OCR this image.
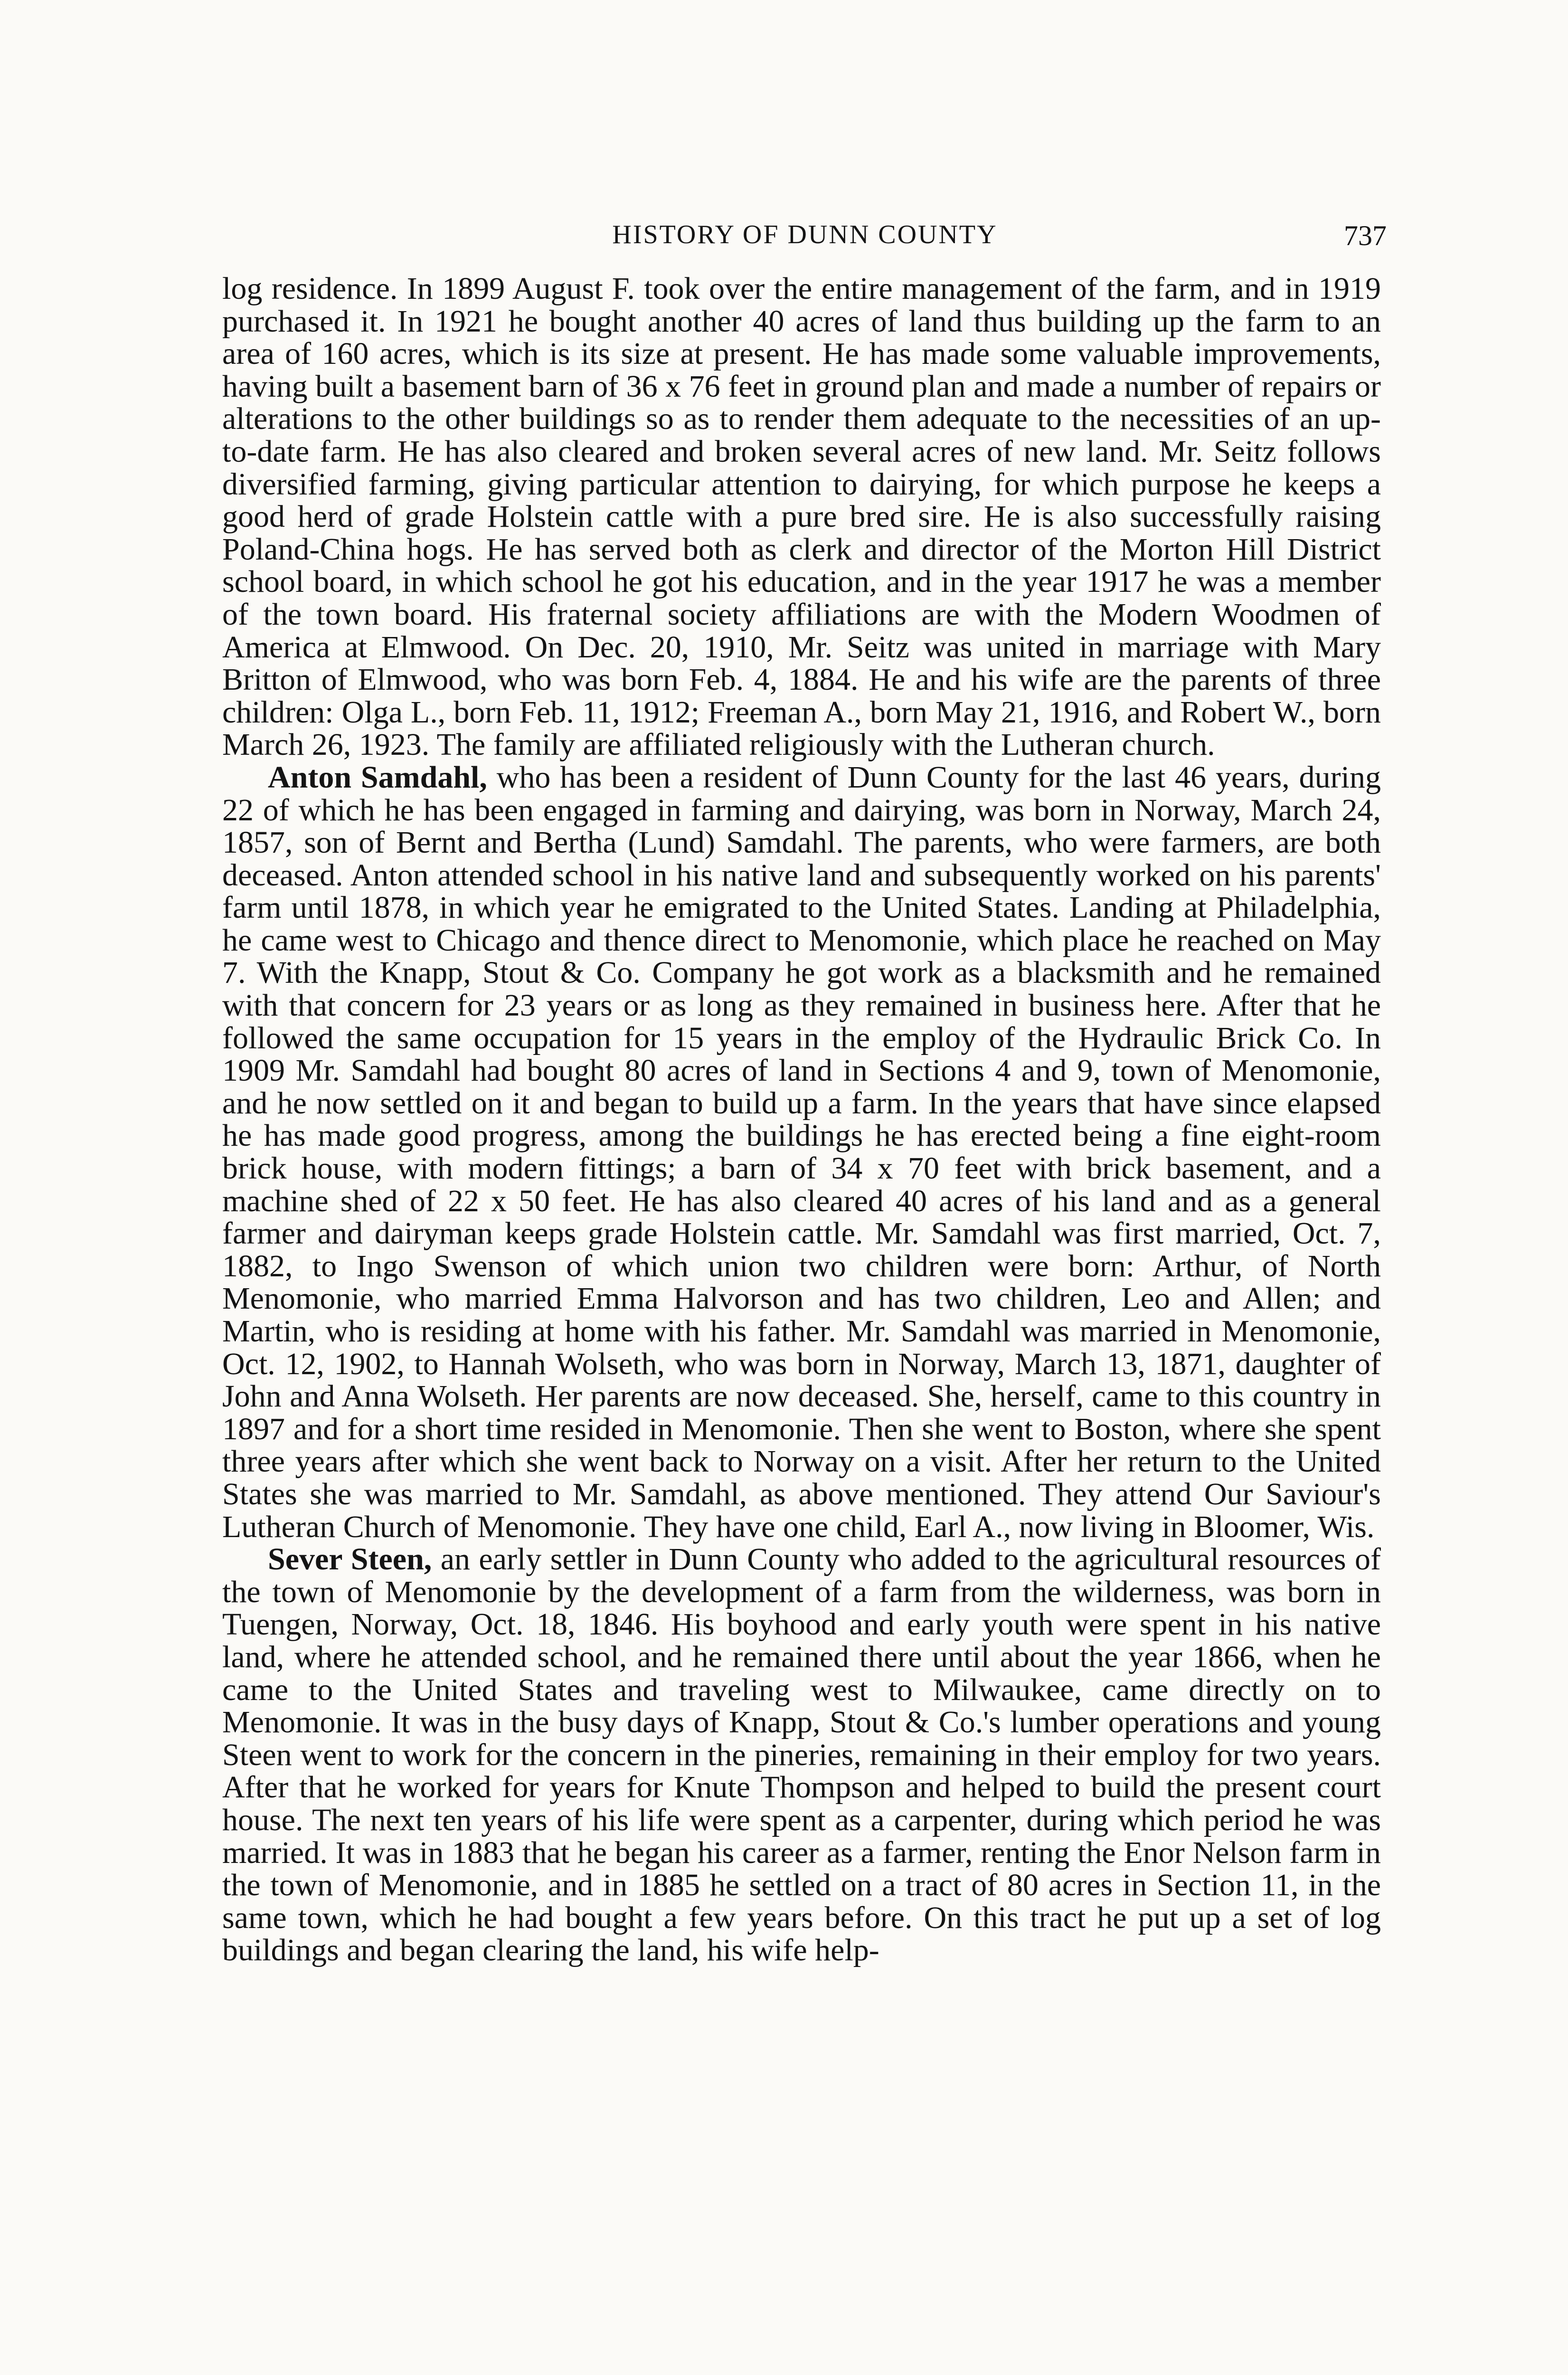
HISTORY OF DUNN COUNTY	737

log residence. In 1899 August F. took over the entire management of the farm, and in 1919 purchased it. In 1921 he bought another 40 acres of land thus building up the farm to an area of 160 acres, which is its size at present. He has made some valuable improvements, having built a basement barn of 36 x 76 feet in ground plan and made a number of repairs or alterations to the other buildings so as to render them adequate to the necessities of an up-to-date farm. He has also cleared and broken several acres of new land. Mr. Seitz follows diversified farming, giving particular attention to dairying, for which purpose he keeps a good herd of grade Holstein cattle with a pure bred sire. He is also successfully raising Poland-China hogs. He has served both as clerk and director of the Morton Hill District school board, in which school he got his education, and in the year 1917 he was a member of the town board. His fraternal society affiliations are with the Modern Woodmen of America at Elmwood. On Dec. 20, 1910, Mr. Seitz was united in marriage with Mary Britton of Elmwood, who was born Feb. 4, 1884. He and his wife are the parents of three children: Olga L., born Feb. 11, 1912; Freeman A., born May 21, 1916, and Robert W., born March 26, 1923. The family are affiliated religiously with the Lutheran church.

Anton Samdahl, who has been a resident of Dunn County for the last 46 years, during 22 of which he has been engaged in farming and dairying, was born in Norway, March 24, 1857, son of Bernt and Bertha (Lund) Samdahl. The parents, who were farmers, are both deceased. Anton attended school in his native land and subsequently worked on his parents' farm until 1878, in which year he emigrated to the United States. Landing at Philadelphia, he came west to Chicago and thence direct to Menomonie, which place he reached on May 7. With the Knapp, Stout & Co. Company he got work as a blacksmith and he remained with that concern for 23 years or as long as they remained in business here. After that he followed the same occupation for 15 years in the employ of the Hydraulic Brick Co. In 1909 Mr. Samdahl had bought 80 acres of land in Sections 4 and 9, town of Menomonie, and he now settled on it and began to build up a farm. In the years that have since elapsed he has made good progress, among the buildings he has erected being a fine eight-room brick house, with modern fittings; a barn of 34 x 70 feet with brick basement, and a machine shed of 22 x 50 feet. He has also cleared 40 acres of his land and as a general farmer and dairyman keeps grade Holstein cattle. Mr. Samdahl was first married, Oct. 7, 1882, to Ingo Swenson of which union two children were born: Arthur, of North Menomonie, who married Emma Halvorson and has two children, Leo and Allen; and Martin, who is residing at home with his father. Mr. Samdahl was married in Menomonie, Oct. 12, 1902, to Hannah Wolseth, who was born in Norway, March 13, 1871, daughter of John and Anna Wolseth. Her parents are now deceased. She, herself, came to this country in 1897 and for a short time resided in Menomonie. Then she went to Boston, where she spent three years after which she went back to Norway on a visit. After her return to the United States she was married to Mr. Samdahl, as above mentioned. They attend Our Saviour's Lutheran Church of Menomonie. They have one child, Earl A., now living in Bloomer, Wis.

Sever Steen, an early settler in Dunn County who added to the agricultural resources of the town of Menomonie by the development of a farm from the wilderness, was born in Tuengen, Norway, Oct. 18, 1846. His boyhood and early youth were spent in his native land, where he attended school, and he remained there until about the year 1866, when he came to the United States and traveling west to Milwaukee, came directly on to Menomonie. It was in the busy days of Knapp, Stout & Co.'s lumber operations and young Steen went to work for the concern in the pineries, remaining in their employ for two years. After that he worked for years for Knute Thompson and helped to build the present court house. The next ten years of his life were spent as a carpenter, during which period he was married. It was in 1883 that he began his career as a farmer, renting the Enor Nelson farm in the town of Menomonie, and in 1885 he settled on a tract of 80 acres in Section 11, in the same town, which he had bought a few years before. On this tract he put up a set of log buildings and began clearing the land, his wife help-
